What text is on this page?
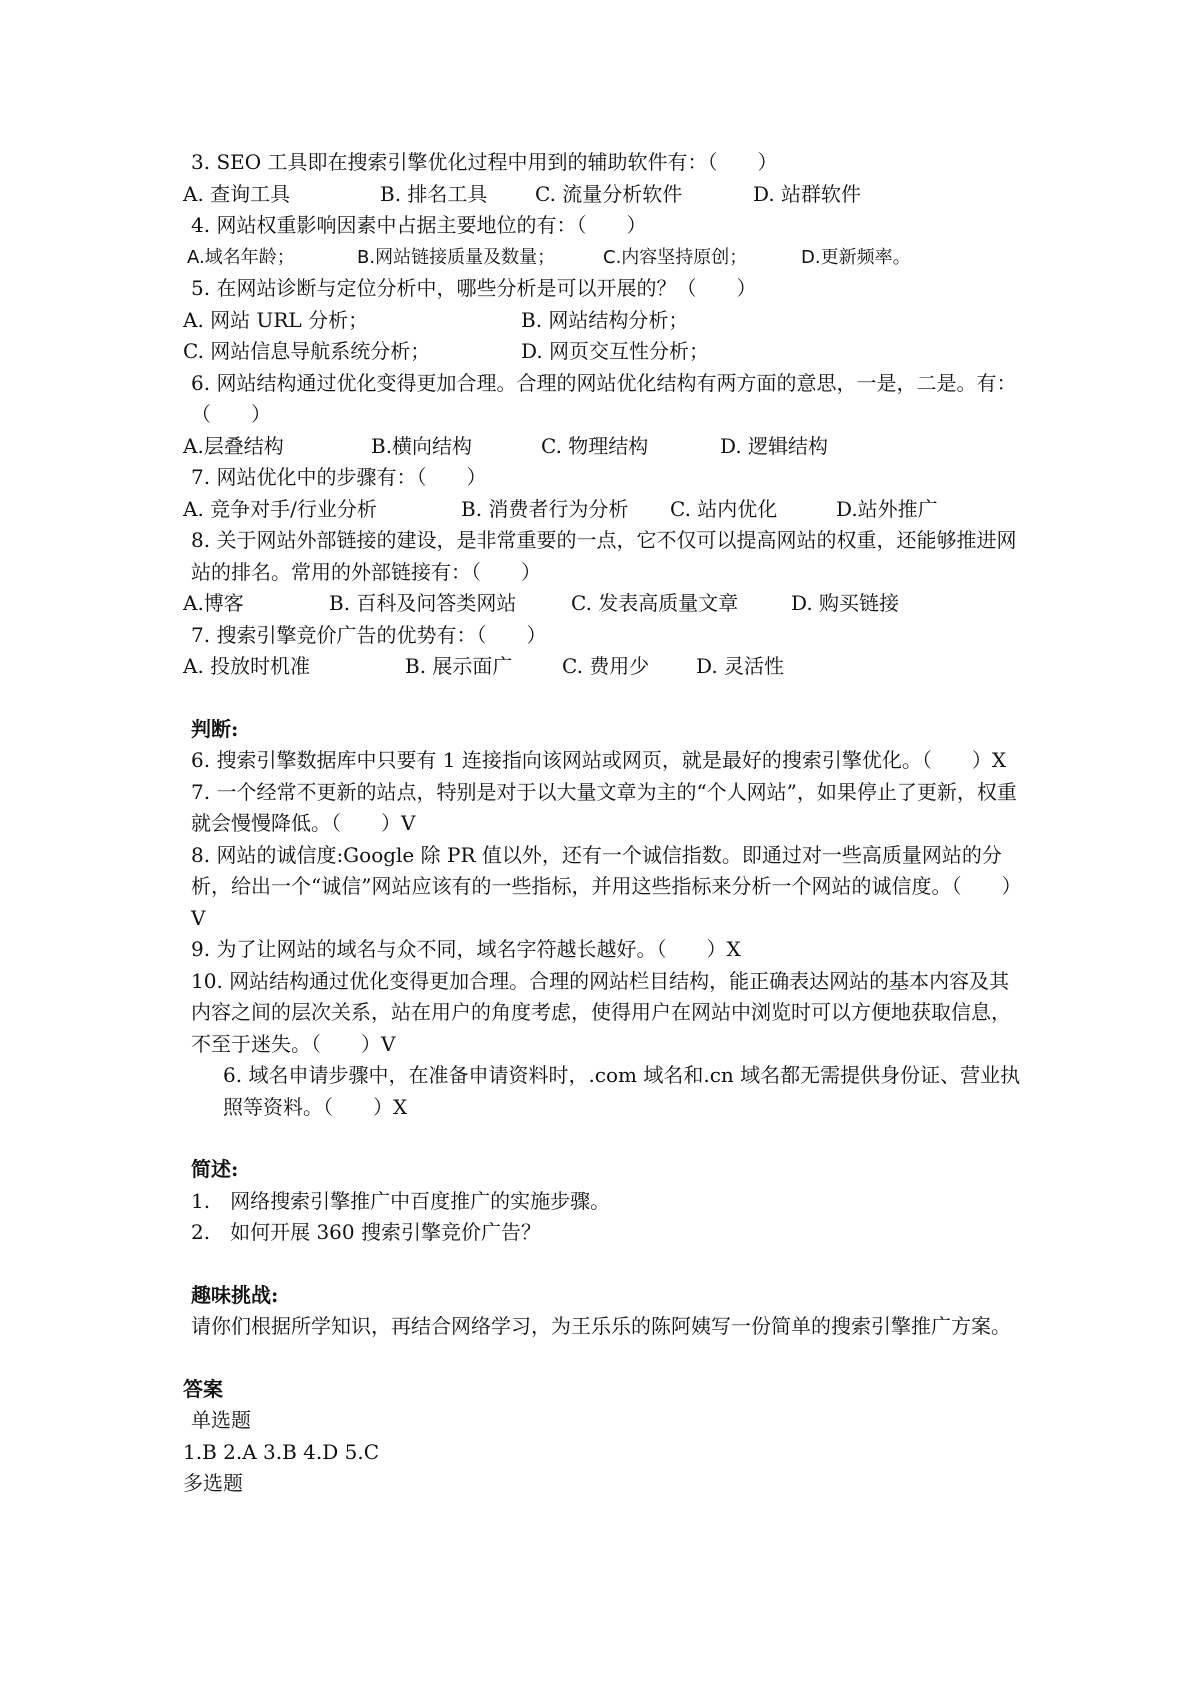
3. SEO 工具即在搜索引擎优化过程中用到的辅助软件有：（　　）
A. 查询工具	B. 排名工具	C. 流量分析软件	D. 站群软件
4. 网站权重影响因素中占据主要地位的有：（　　）
A.域名年龄；	B.网站链接质量及数量；	C.内容坚持原创；	D.更新频率。
5. 在网站诊断与定位分析中，哪些分析是可以开展的？（　　）
A. 网站 URL 分析；	B. 网站结构分析；
C. 网站信息导航系统分析；	D. 网页交互性分析；
6. 网站结构通过优化变得更加合理。合理的网站优化结构有两方面的意思，一是，二是。有：（　　）
A.层叠结构	B.横向结构	C. 物理结构	D. 逻辑结构
7. 网站优化中的步骤有：（　　）
A. 竞争对手/行业分析	B. 消费者行为分析	C. 站内优化	D.站外推广
8. 关于网站外部链接的建设，是非常重要的一点，它不仅可以提高网站的权重，还能够推进网站的排名。常用的外部链接有：（　　）
A.博客	B. 百科及问答类网站	C. 发表高质量文章	D. 购买链接
7. 搜索引擎竞价广告的优势有：（　　）
A. 投放时机准	B. 展示面广	C. 费用少	D. 灵活性
判断:
6. 搜索引擎数据库中只要有 1 连接指向该网站或网页，就是最好的搜索引擎优化。（　　）X
7. 一个经常不更新的站点，特别是对于以大量文章为主的“个人网站”，如果停止了更新，权重就会慢慢降低。（　　）V
8. 网站的诚信度:Google 除 PR 值以外，还有一个诚信指数。即通过对一些高质量网站的分析，给出一个“诚信”网站应该有的一些指标，并用这些指标来分析一个网站的诚信度。（　　）V
9. 为了让网站的域名与众不同，域名字符越长越好。（　　）X
10. 网站结构通过优化变得更加合理。合理的网站栏目结构，能正确表达网站的基本内容及其内容之间的层次关系，站在用户的角度考虑，使得用户在网站中浏览时可以方便地获取信息，不至于迷失。（　　）V
6. 域名申请步骤中，在准备申请资料时，.com 域名和.cn 域名都无需提供身份证、营业执照等资料。（　　）X
简述:
1.　网络搜索引擎推广中百度推广的实施步骤。
2.　如何开展 360 搜索引擎竞价广告？
趣味挑战:
请你们根据所学知识，再结合网络学习，为王乐乐的陈阿姨写一份简单的搜索引擎推广方案。
答案
单选题
1.B 2.A 3.B 4.D 5.C
多选题
